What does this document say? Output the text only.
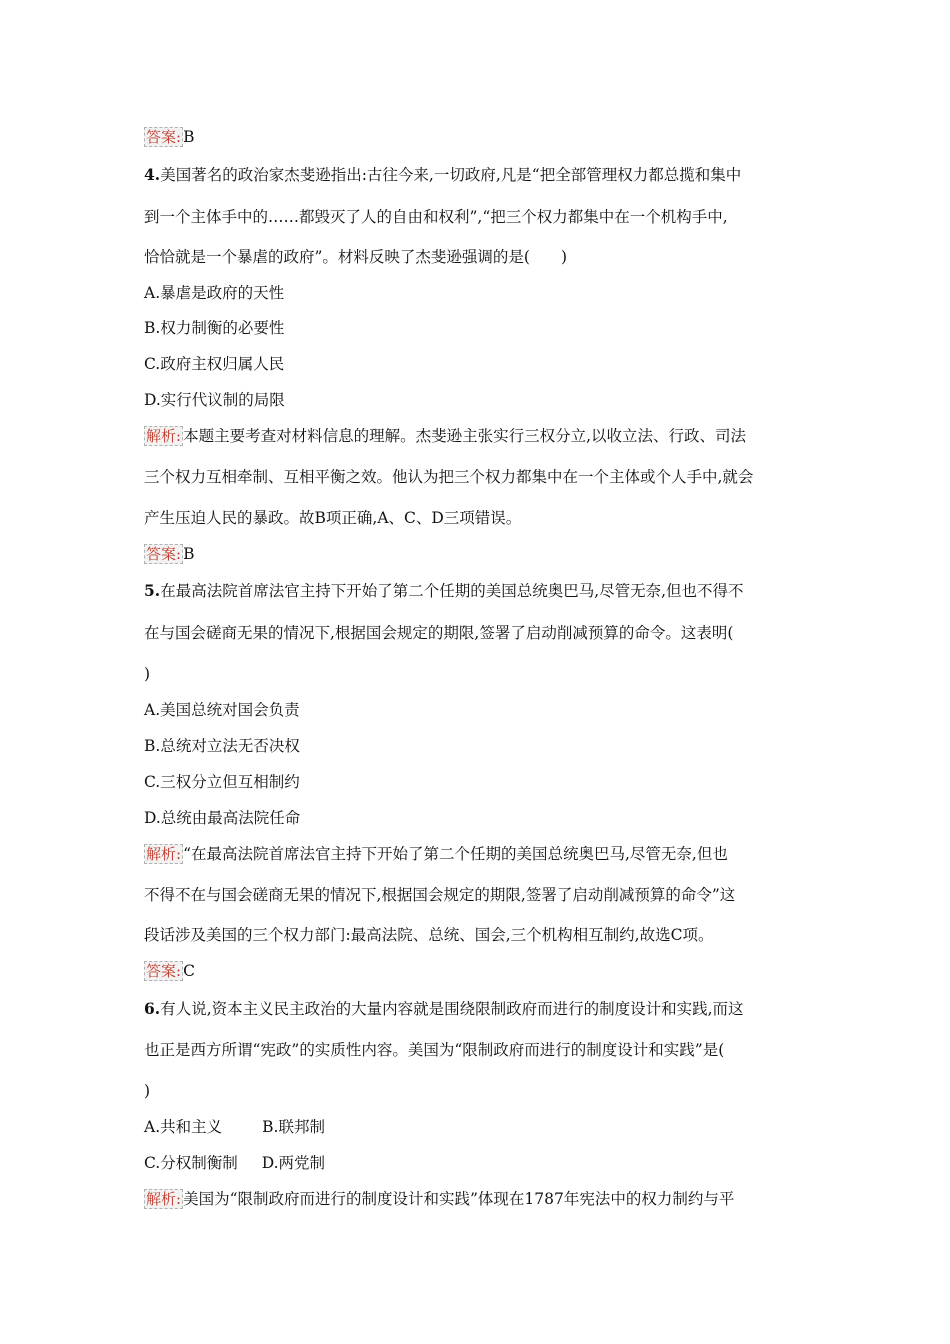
答案: B
4.美国著名的政治家杰斐逊指出:古往今来,一切政府,凡是“把全部管理权力都总揽和集中
到一个主体手中的……都毁灭了人的自由和权利”,“把三个权力都集中在一个机构手中,
恰恰就是一个暴虐的政府”。材料反映了杰斐逊强调的是(　　)
A.暴虐是政府的天性
B.权力制衡的必要性
C.政府主权归属人民
D.实行代议制的局限
解析: 本题主要考查对材料信息的理解。杰斐逊主张实行三权分立,以收立法、行政、司法
三个权力互相牵制、互相平衡之效。他认为把三个权力都集中在一个主体或个人手中,就会
产生压迫人民的暴政。故B项正确,A、C、D三项错误。
答案: B
5.在最高法院首席法官主持下开始了第二个任期的美国总统奥巴马,尽管无奈,但也不得不
在与国会磋商无果的情况下,根据国会规定的期限,签署了启动削减预算的命令。这表明(
)
A.美国总统对国会负责
B.总统对立法无否决权
C.三权分立但互相制约
D.总统由最高法院任命
解析: “在最高法院首席法官主持下开始了第二个任期的美国总统奥巴马,尽管无奈,但也
不得不在与国会磋商无果的情况下,根据国会规定的期限,签署了启动削减预算的命令”这
段话涉及美国的三个权力部门:最高法院、总统、国会,三个机构相互制约,故选C项。
答案: C
6.有人说,资本主义民主政治的大量内容就是围绕限制政府而进行的制度设计和实践,而这
也正是西方所谓“宪政”的实质性内容。美国为“限制政府而进行的制度设计和实践”是(
)
A.共和主义	B.联邦制
C.分权制衡制 D.两党制
解析: 美国为“限制政府而进行的制度设计和实践”体现在1787年宪法中的权力制约与平
